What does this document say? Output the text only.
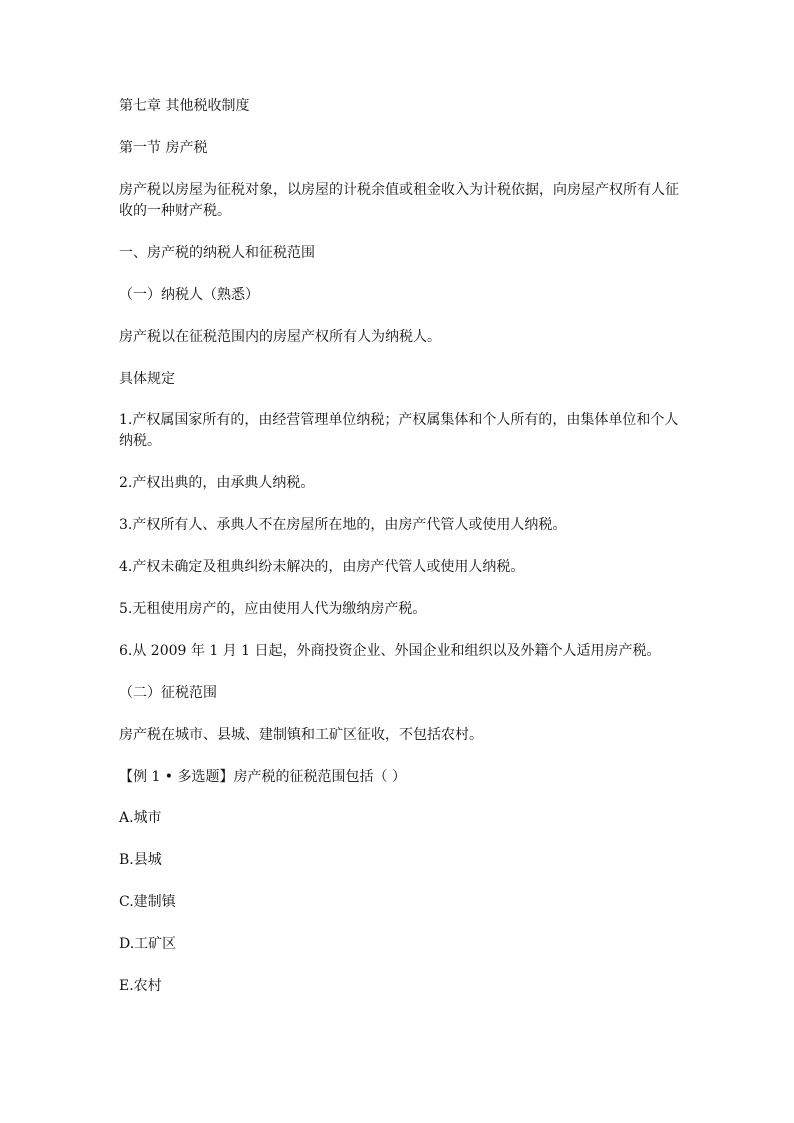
第七章 其他税收制度

第一节 房产税

房产税以房屋为征税对象，以房屋的计税余值或租金收入为计税依据，向房屋产权所有人征收的一种财产税。

一、房产税的纳税人和征税范围

（一）纳税人（熟悉）

房产税以在征税范围内的房屋产权所有人为纳税人。

具体规定

1.产权属国家所有的，由经营管理单位纳税；产权属集体和个人所有的，由集体单位和个人纳税。

2.产权出典的，由承典人纳税。

3.产权所有人、承典人不在房屋所在地的，由房产代管人或使用人纳税。

4.产权未确定及租典纠纷未解决的，由房产代管人或使用人纳税。

5.无租使用房产的，应由使用人代为缴纳房产税。

6.从 2009 年 1 月 1 日起，外商投资企业、外国企业和组织以及外籍个人适用房产税。

（二）征税范围

房产税在城市、县城、建制镇和工矿区征收，不包括农村。

【例 1 • 多选题】房产税的征税范围包括（ ）

A.城市

B.县城

C.建制镇

D.工矿区

E.农村
